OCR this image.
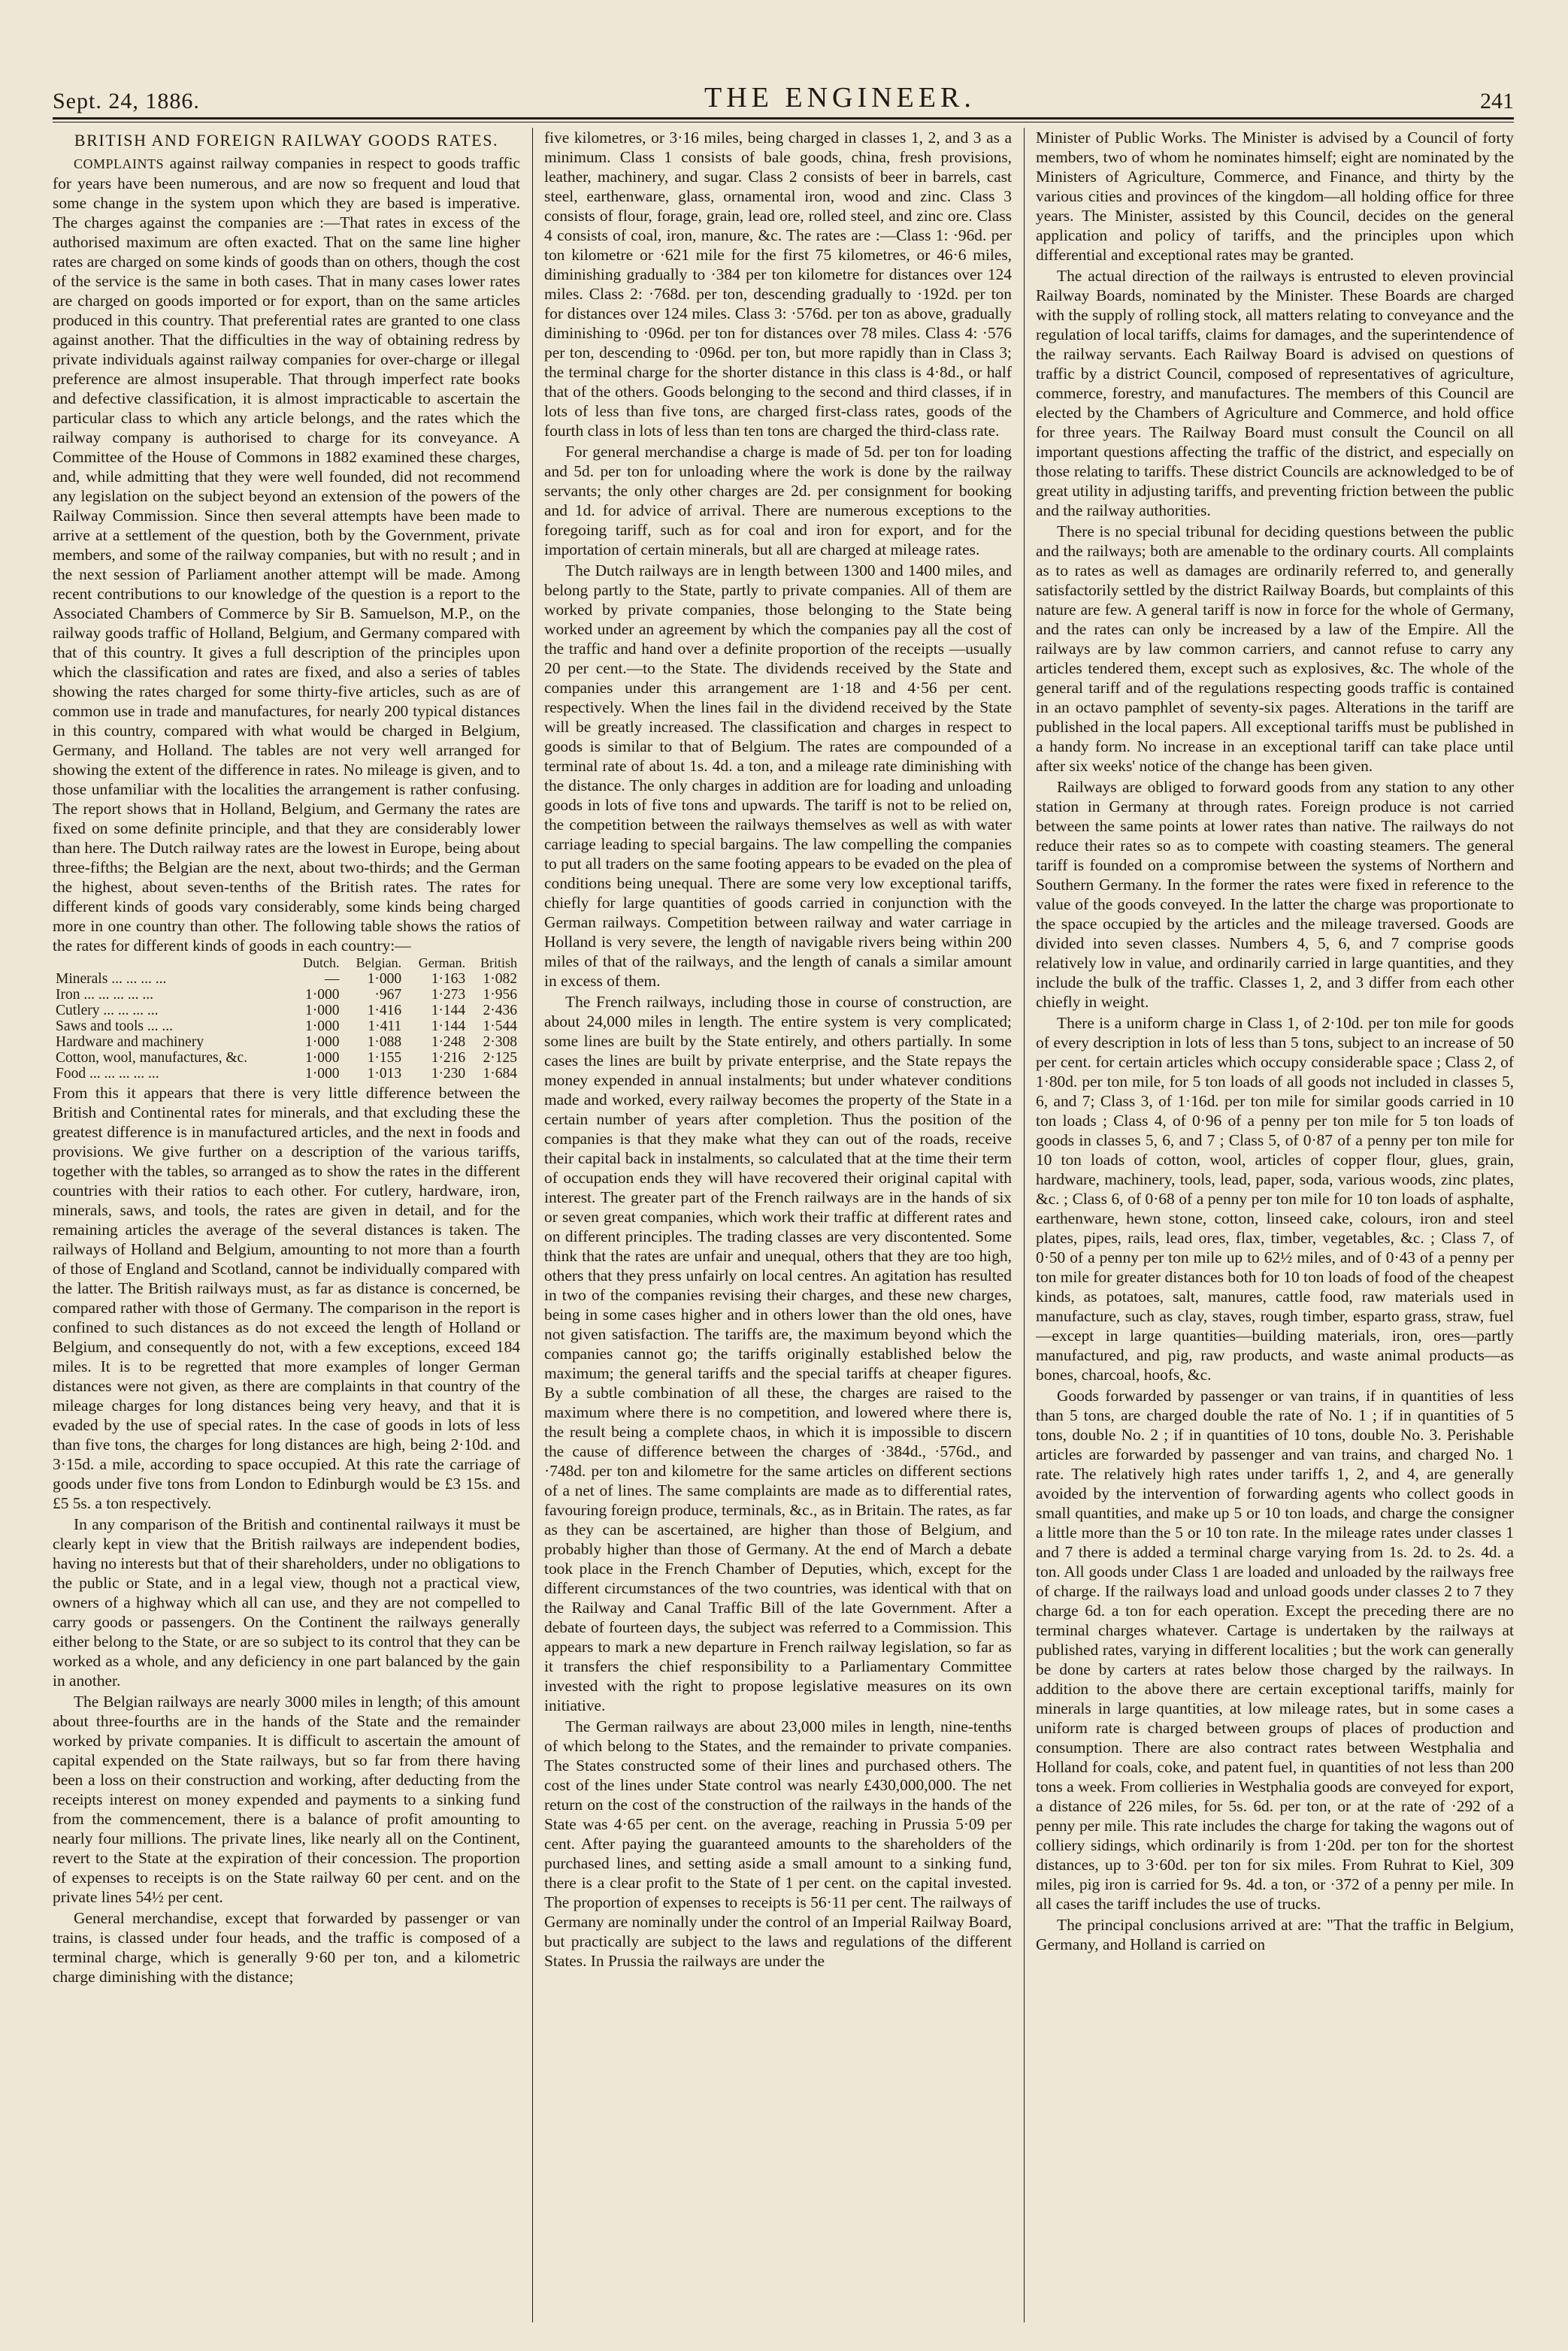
Sept. 24, 1886.	THE ENGINEER.	241
BRITISH AND FOREIGN RAILWAY GOODS RATES.

COMPLAINTS against railway companies in respect to goods traffic for years have been numerous, and are now so frequent and loud that some change in the system upon which they are based is imperative. The charges against the companies are :—That rates in excess of the authorised maximum are often exacted. That on the same line higher rates are charged on some kinds of goods than on others, though the cost of the service is the same in both cases. That in many cases lower rates are charged on goods imported or for export, than on the same articles produced in this country. That preferential rates are granted to one class against another. That the difficulties in the way of obtaining redress by private individuals against railway companies for over-charge or illegal preference are almost insuperable. That through imperfect rate books and defective classification, it is almost impracticable to ascertain the particular class to which any article belongs, and the rates which the railway company is authorised to charge for its conveyance. A Committee of the House of Commons in 1882 examined these charges, and, while admitting that they were well founded, did not recommend any legislation on the subject beyond an extension of the powers of the Railway Commission. Since then several attempts have been made to arrive at a settlement of the question, both by the Government, private members, and some of the railway companies, but with no result ; and in the next session of Parliament another attempt will be made. Among recent contributions to our knowledge of the question is a report to the Associated Chambers of Commerce by Sir B. Samuelson, M.P., on the railway goods traffic of Holland, Belgium, and Germany compared with that of this country. It gives a full description of the principles upon which the classification and rates are fixed, and also a series of tables showing the rates charged for some thirty-five articles, such as are of common use in trade and manufactures, for nearly 200 typical distances in this country, compared with what would be charged in Belgium, Germany, and Holland. The tables are not very well arranged for showing the extent of the difference in rates. No mileage is given, and to those unfamiliar with the localities the arrangement is rather confusing. The report shows that in Holland, Belgium, and Germany the rates are fixed on some definite principle, and that they are considerably lower than here. The Dutch railway rates are the lowest in Europe, being about three-fifths; the Belgian are the next, about two-thirds; and the German the highest, about seven-tenths of the British rates. The rates for different kinds of goods vary considerably, some kinds being charged more in one country than other. The following table shows the ratios of the rates for different kinds of goods in each country:—

	Dutch.	Belgian.	German.	British
Minerals ... ... ... ...	—	1·000	1·163	1·082
Iron ... ... ... ... ...	1·000	·967	1·273	1·956
Cutlery ... ... ... ...	1·000	1·416	1·144	2·436
Saws and tools ... ...	1·000	1·411	1·144	1·544
Hardware and machinery	1·000	1·088	1·248	2·308
Cotton, wool, manufactures, &c.	1·000	1·155	1·216	2·125
Food ... ... ... ... ...	1·000	1·013	1·230	1·684

From this it appears that there is very little difference between the British and Continental rates for minerals, and that excluding these the greatest difference is in manufactured articles, and the next in foods and provisions. We give further on a description of the various tariffs, together with the tables, so arranged as to show the rates in the different countries with their ratios to each other. For cutlery, hardware, iron, minerals, saws, and tools, the rates are given in detail, and for the remaining articles the average of the several distances is taken. The railways of Holland and Belgium, amounting to not more than a fourth of those of England and Scotland, cannot be individually compared with the latter. The British railways must, as far as distance is concerned, be compared rather with those of Germany. The comparison in the report is confined to such distances as do not exceed the length of Holland or Belgium, and consequently do not, with a few exceptions, exceed 184 miles. It is to be regretted that more examples of longer German distances were not given, as there are complaints in that country of the mileage charges for long distances being very heavy, and that it is evaded by the use of special rates. In the case of goods in lots of less than five tons, the charges for long distances are high, being 2·10d. and 3·15d. a mile, according to space occupied. At this rate the carriage of goods under five tons from London to Edinburgh would be £3 15s. and £5 5s. a ton respectively.

In any comparison of the British and continental railways it must be clearly kept in view that the British railways are independent bodies, having no interests but that of their shareholders, under no obligations to the public or State, and in a legal view, though not a practical view, owners of a highway which all can use, and they are not compelled to carry goods or passengers. On the Continent the railways generally either belong to the State, or are so subject to its control that they can be worked as a whole, and any deficiency in one part balanced by the gain in another.

The Belgian railways are nearly 3000 miles in length; of this amount about three-fourths are in the hands of the State and the remainder worked by private companies. It is difficult to ascertain the amount of capital expended on the State railways, but so far from there having been a loss on their construction and working, after deducting from the receipts interest on money expended and payments to a sinking fund from the commencement, there is a balance of profit amounting to nearly four millions. The private lines, like nearly all on the Continent, revert to the State at the expiration of their concession. The proportion of expenses to receipts is on the State railway 60 per cent. and on the private lines 54½ per cent.

General merchandise, except that forwarded by passenger or van trains, is classed under four heads, and the traffic is composed of a terminal charge, which is generally 9·60 per ton, and a kilometric charge diminishing with the distance;

five kilometres, or 3·16 miles, being charged in classes 1, 2, and 3 as a minimum. Class 1 consists of bale goods, china, fresh provisions, leather, machinery, and sugar. Class 2 consists of beer in barrels, cast steel, earthenware, glass, ornamental iron, wood and zinc. Class 3 consists of flour, forage, grain, lead ore, rolled steel, and zinc ore. Class 4 consists of coal, iron, manure, &c. The rates are :—Class 1: ·96d. per ton kilometre or ·621 mile for the first 75 kilometres, or 46·6 miles, diminishing gradually to ·384 per ton kilometre for distances over 124 miles. Class 2: ·768d. per ton, descending gradually to ·192d. per ton for distances over 124 miles. Class 3: ·576d. per ton as above, gradually diminishing to ·096d. per ton for distances over 78 miles. Class 4: ·576 per ton, descending to ·096d. per ton, but more rapidly than in Class 3; the terminal charge for the shorter distance in this class is 4·8d., or half that of the others. Goods belonging to the second and third classes, if in lots of less than five tons, are charged first-class rates, goods of the fourth class in lots of less than ten tons are charged the third-class rate.

For general merchandise a charge is made of 5d. per ton for loading and 5d. per ton for unloading where the work is done by the railway servants; the only other charges are 2d. per consignment for booking and 1d. for advice of arrival. There are numerous exceptions to the foregoing tariff, such as for coal and iron for export, and for the importation of certain minerals, but all are charged at mileage rates.

The Dutch railways are in length between 1300 and 1400 miles, and belong partly to the State, partly to private companies. All of them are worked by private companies, those belonging to the State being worked under an agreement by which the companies pay all the cost of the traffic and hand over a definite proportion of the receipts —usually 20 per cent.—to the State. The dividends received by the State and companies under this arrangement are 1·18 and 4·56 per cent. respectively. When the lines fail in the dividend received by the State will be greatly increased. The classification and charges in respect to goods is similar to that of Belgium. The rates are compounded of a terminal rate of about 1s. 4d. a ton, and a mileage rate diminishing with the distance. The only charges in addition are for loading and unloading goods in lots of five tons and upwards. The tariff is not to be relied on, the competition between the railways themselves as well as with water carriage leading to special bargains. The law compelling the companies to put all traders on the same footing appears to be evaded on the plea of conditions being unequal. There are some very low exceptional tariffs, chiefly for large quantities of goods carried in conjunction with the German railways. Competition between railway and water carriage in Holland is very severe, the length of navigable rivers being within 200 miles of that of the railways, and the length of canals a similar amount in excess of them.

The French railways, including those in course of construction, are about 24,000 miles in length. The entire system is very complicated; some lines are built by the State entirely, and others partially. In some cases the lines are built by private enterprise, and the State repays the money expended in annual instalments; but under whatever conditions made and worked, every railway becomes the property of the State in a certain number of years after completion. Thus the position of the companies is that they make what they can out of the roads, receive their capital back in instalments, so calculated that at the time their term of occupation ends they will have recovered their original capital with interest. The greater part of the French railways are in the hands of six or seven great companies, which work their traffic at different rates and on different principles. The trading classes are very discontented. Some think that the rates are unfair and unequal, others that they are too high, others that they press unfairly on local centres. An agitation has resulted in two of the companies revising their charges, and these new charges, being in some cases higher and in others lower than the old ones, have not given satisfaction. The tariffs are, the maximum beyond which the companies cannot go; the tariffs originally established below the maximum; the general tariffs and the special tariffs at cheaper figures. By a subtle combination of all these, the charges are raised to the maximum where there is no competition, and lowered where there is, the result being a complete chaos, in which it is impossible to discern the cause of difference between the charges of ·384d., ·576d., and ·748d. per ton and kilometre for the same articles on different sections of a net of lines. The same complaints are made as to differential rates, favouring foreign produce, terminals, &c., as in Britain. The rates, as far as they can be ascertained, are higher than those of Belgium, and probably higher than those of Germany. At the end of March a debate took place in the French Chamber of Deputies, which, except for the different circumstances of the two countries, was identical with that on the Railway and Canal Traffic Bill of the late Government. After a debate of fourteen days, the subject was referred to a Commission. This appears to mark a new departure in French railway legislation, so far as it transfers the chief responsibility to a Parliamentary Committee invested with the right to propose legislative measures on its own initiative.

The German railways are about 23,000 miles in length, nine-tenths of which belong to the States, and the remainder to private companies. The States constructed some of their lines and purchased others. The cost of the lines under State control was nearly £430,000,000. The net return on the cost of the construction of the railways in the hands of the State was 4·65 per cent. on the average, reaching in Prussia 5·09 per cent. After paying the guaranteed amounts to the shareholders of the purchased lines, and setting aside a small amount to a sinking fund, there is a clear profit to the State of 1 per cent. on the capital invested. The proportion of expenses to receipts is 56·11 per cent. The railways of Germany are nominally under the control of an Imperial Railway Board, but practically are subject to the laws and regulations of the different States. In Prussia the railways are under the

Minister of Public Works. The Minister is advised by a Council of forty members, two of whom he nominates himself; eight are nominated by the Ministers of Agriculture, Commerce, and Finance, and thirty by the various cities and provinces of the kingdom—all holding office for three years. The Minister, assisted by this Council, decides on the general application and policy of tariffs, and the principles upon which differential and exceptional rates may be granted.

The actual direction of the railways is entrusted to eleven provincial Railway Boards, nominated by the Minister. These Boards are charged with the supply of rolling stock, all matters relating to conveyance and the regulation of local tariffs, claims for damages, and the superintendence of the railway servants. Each Railway Board is advised on questions of traffic by a district Council, composed of representatives of agriculture, commerce, forestry, and manufactures. The members of this Council are elected by the Chambers of Agriculture and Commerce, and hold office for three years. The Railway Board must consult the Council on all important questions affecting the traffic of the district, and especially on those relating to tariffs. These district Councils are acknowledged to be of great utility in adjusting tariffs, and preventing friction between the public and the railway authorities.

There is no special tribunal for deciding questions between the public and the railways; both are amenable to the ordinary courts. All complaints as to rates as well as damages are ordinarily referred to, and generally satisfactorily settled by the district Railway Boards, but complaints of this nature are few. A general tariff is now in force for the whole of Germany, and the rates can only be increased by a law of the Empire. All the railways are by law common carriers, and cannot refuse to carry any articles tendered them, except such as explosives, &c. The whole of the general tariff and of the regulations respecting goods traffic is contained in an octavo pamphlet of seventy-six pages. Alterations in the tariff are published in the local papers. All exceptional tariffs must be published in a handy form. No increase in an exceptional tariff can take place until after six weeks' notice of the change has been given.

Railways are obliged to forward goods from any station to any other station in Germany at through rates. Foreign produce is not carried between the same points at lower rates than native. The railways do not reduce their rates so as to compete with coasting steamers. The general tariff is founded on a compromise between the systems of Northern and Southern Germany. In the former the rates were fixed in reference to the value of the goods conveyed. In the latter the charge was proportionate to the space occupied by the articles and the mileage traversed. Goods are divided into seven classes. Numbers 4, 5, 6, and 7 comprise goods relatively low in value, and ordinarily carried in large quantities, and they include the bulk of the traffic. Classes 1, 2, and 3 differ from each other chiefly in weight.

There is a uniform charge in Class 1, of 2·10d. per ton mile for goods of every description in lots of less than 5 tons, subject to an increase of 50 per cent. for certain articles which occupy considerable space ; Class 2, of 1·80d. per ton mile, for 5 ton loads of all goods not included in classes 5, 6, and 7; Class 3, of 1·16d. per ton mile for similar goods carried in 10 ton loads ; Class 4, of 0·96 of a penny per ton mile for 5 ton loads of goods in classes 5, 6, and 7 ; Class 5, of 0·87 of a penny per ton mile for 10 ton loads of cotton, wool, articles of copper flour, glues, grain, hardware, machinery, tools, lead, paper, soda, various woods, zinc plates, &c. ; Class 6, of 0·68 of a penny per ton mile for 10 ton loads of asphalte, earthenware, hewn stone, cotton, linseed cake, colours, iron and steel plates, pipes, rails, lead ores, flax, timber, vegetables, &c. ; Class 7, of 0·50 of a penny per ton mile up to 62½ miles, and of 0·43 of a penny per ton mile for greater distances both for 10 ton loads of food of the cheapest kinds, as potatoes, salt, manures, cattle food, raw materials used in manufacture, such as clay, staves, rough timber, esparto grass, straw, fuel—except in large quantities—building materials, iron, ores—partly manufactured, and pig, raw products, and waste animal products—as bones, charcoal, hoofs, &c.

Goods forwarded by passenger or van trains, if in quantities of less than 5 tons, are charged double the rate of No. 1 ; if in quantities of 5 tons, double No. 2 ; if in quantities of 10 tons, double No. 3. Perishable articles are forwarded by passenger and van trains, and charged No. 1 rate. The relatively high rates under tariffs 1, 2, and 4, are generally avoided by the intervention of forwarding agents who collect goods in small quantities, and make up 5 or 10 ton loads, and charge the consigner a little more than the 5 or 10 ton rate. In the mileage rates under classes 1 and 7 there is added a terminal charge varying from 1s. 2d. to 2s. 4d. a ton. All goods under Class 1 are loaded and unloaded by the railways free of charge. If the railways load and unload goods under classes 2 to 7 they charge 6d. a ton for each operation. Except the preceding there are no terminal charges whatever. Cartage is undertaken by the railways at published rates, varying in different localities ; but the work can generally be done by carters at rates below those charged by the railways. In addition to the above there are certain exceptional tariffs, mainly for minerals in large quantities, at low mileage rates, but in some cases a uniform rate is charged between groups of places of production and consumption. There are also contract rates between Westphalia and Holland for coals, coke, and patent fuel, in quantities of not less than 200 tons a week. From collieries in Westphalia goods are conveyed for export, a distance of 226 miles, for 5s. 6d. per ton, or at the rate of ·292 of a penny per mile. This rate includes the charge for taking the wagons out of colliery sidings, which ordinarily is from 1·20d. per ton for the shortest distances, up to 3·60d. per ton for six miles. From Ruhrat to Kiel, 309 miles, pig iron is carried for 9s. 4d. a ton, or ·372 of a penny per mile. In all cases the tariff includes the use of trucks.

The principal conclusions arrived at are: "That the traffic in Belgium, Germany, and Holland is carried on
